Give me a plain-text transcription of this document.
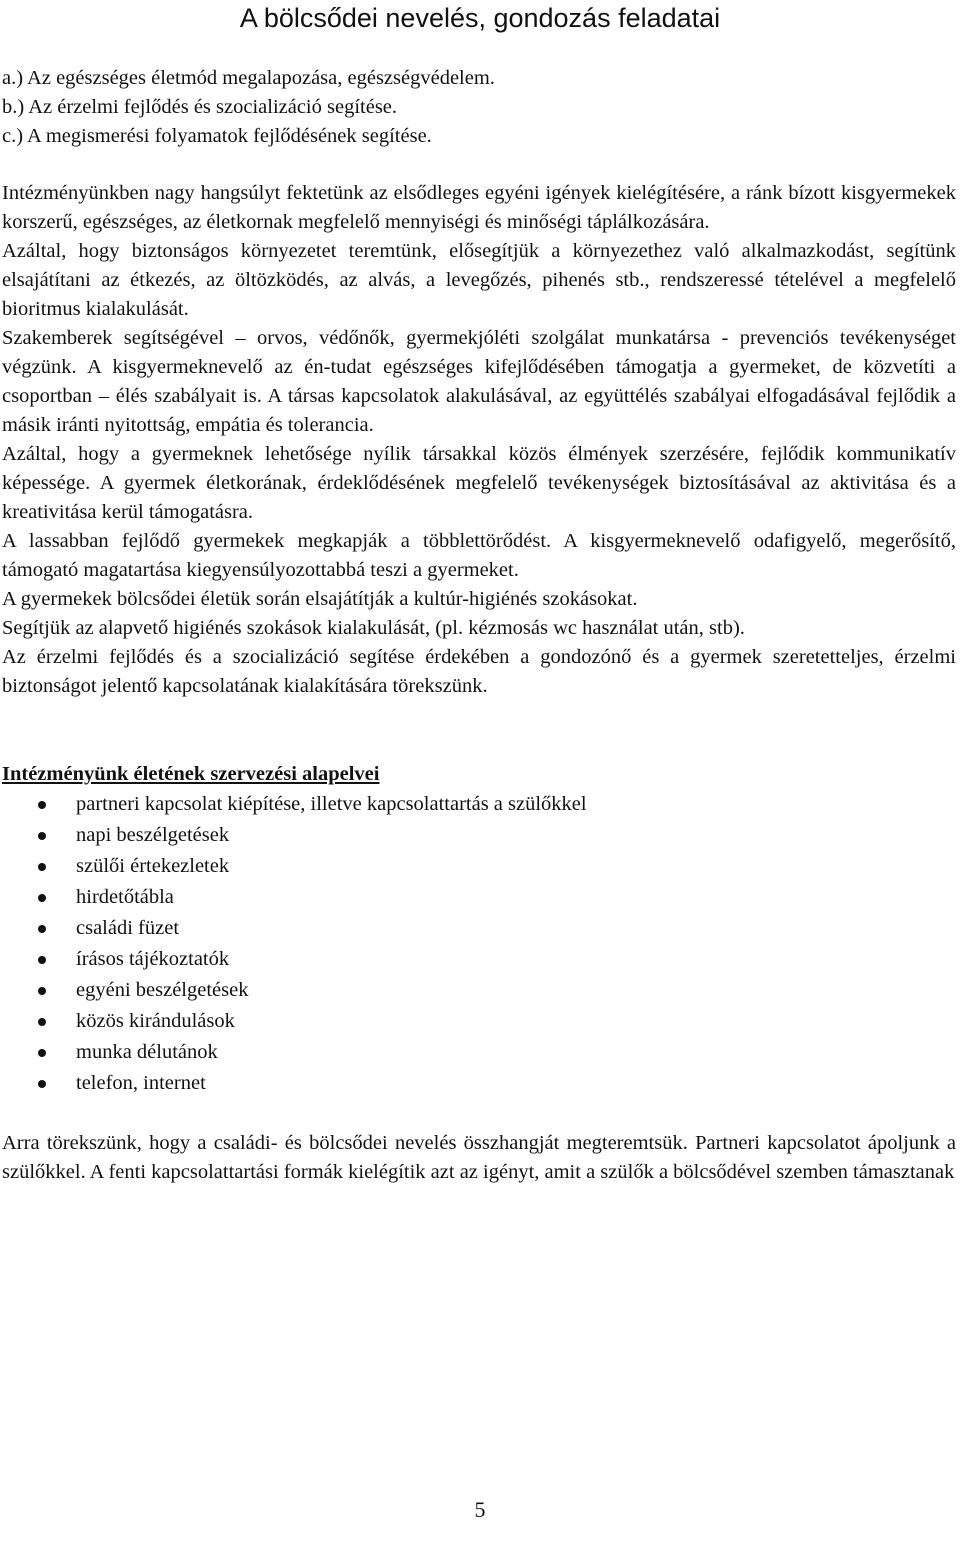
A bölcsődei nevelés, gondozás feladatai

a.) Az egészséges életmód megalapozása, egészségvédelem.

b.) Az érzelmi fejlődés és szocializáció segítése.

c.) A megismerési folyamatok fejlődésének segítése.

Intézményünkben nagy hangsúlyt fektetünk az elsődleges egyéni igények kielégítésére, a ránk bízott kisgyermekek korszerű, egészséges, az életkornak megfelelő mennyiségi és minőségi táplálkozására.

Azáltal, hogy biztonságos környezetet teremtünk, elősegítjük a környezethez való alkalmazkodást, segítünk elsajátítani az étkezés, az öltözködés, az alvás, a levegőzés, pihenés stb., rendszeressé tételével a megfelelő bioritmus kialakulását.

Szakemberek segítségével – orvos, védőnők, gyermekjóléti szolgálat munkatársa - prevenciós tevékenységet végzünk. A kisgyermeknevelő az én-tudat egészséges kifejlődésében támogatja a gyermeket, de közvetíti a csoportban – élés szabályait is. A társas kapcsolatok alakulásával, az együttélés szabályai elfogadásával fejlődik a másik iránti nyitottság, empátia és tolerancia.

Azáltal, hogy a gyermeknek lehetősége nyílik társakkal közös élmények szerzésére, fejlődik kommunikatív képessége. A gyermek életkorának, érdeklődésének megfelelő tevékenységek biztosításával az aktivitása és a kreativitása kerül támogatásra.

A lassabban fejlődő gyermekek megkapják a többlettörődést. A kisgyermeknevelő odafigyelő, megerősítő, támogató magatartása kiegyensúlyozottabbá teszi a gyermeket.

A gyermekek bölcsődei életük során elsajátítják a kultúr-higiénés szokásokat.

Segítjük az alapvető higiénés szokások kialakulását, (pl. kézmosás wc használat után, stb).

Az érzelmi fejlődés és a szocializáció segítése érdekében a gondozónő és a gyermek szeretetteljes, érzelmi biztonságot jelentő kapcsolatának kialakítására törekszünk.

Intézményünk életének szervezési alapelvei

partneri kapcsolat kiépítése, illetve kapcsolattartás a szülőkkel
napi beszélgetések
szülői értekezletek
hirdetőtábla
családi füzet
írásos tájékoztatók
egyéni beszélgetések
közös kirándulások
munka délutánok
telefon, internet

Arra törekszünk, hogy a családi- és bölcsődei nevelés összhangját megteremtsük. Partneri kapcsolatot ápoljunk a szülőkkel. A fenti kapcsolattartási formák kielégítik azt az igényt, amit a szülők a bölcsődével szemben támasztanak

5
